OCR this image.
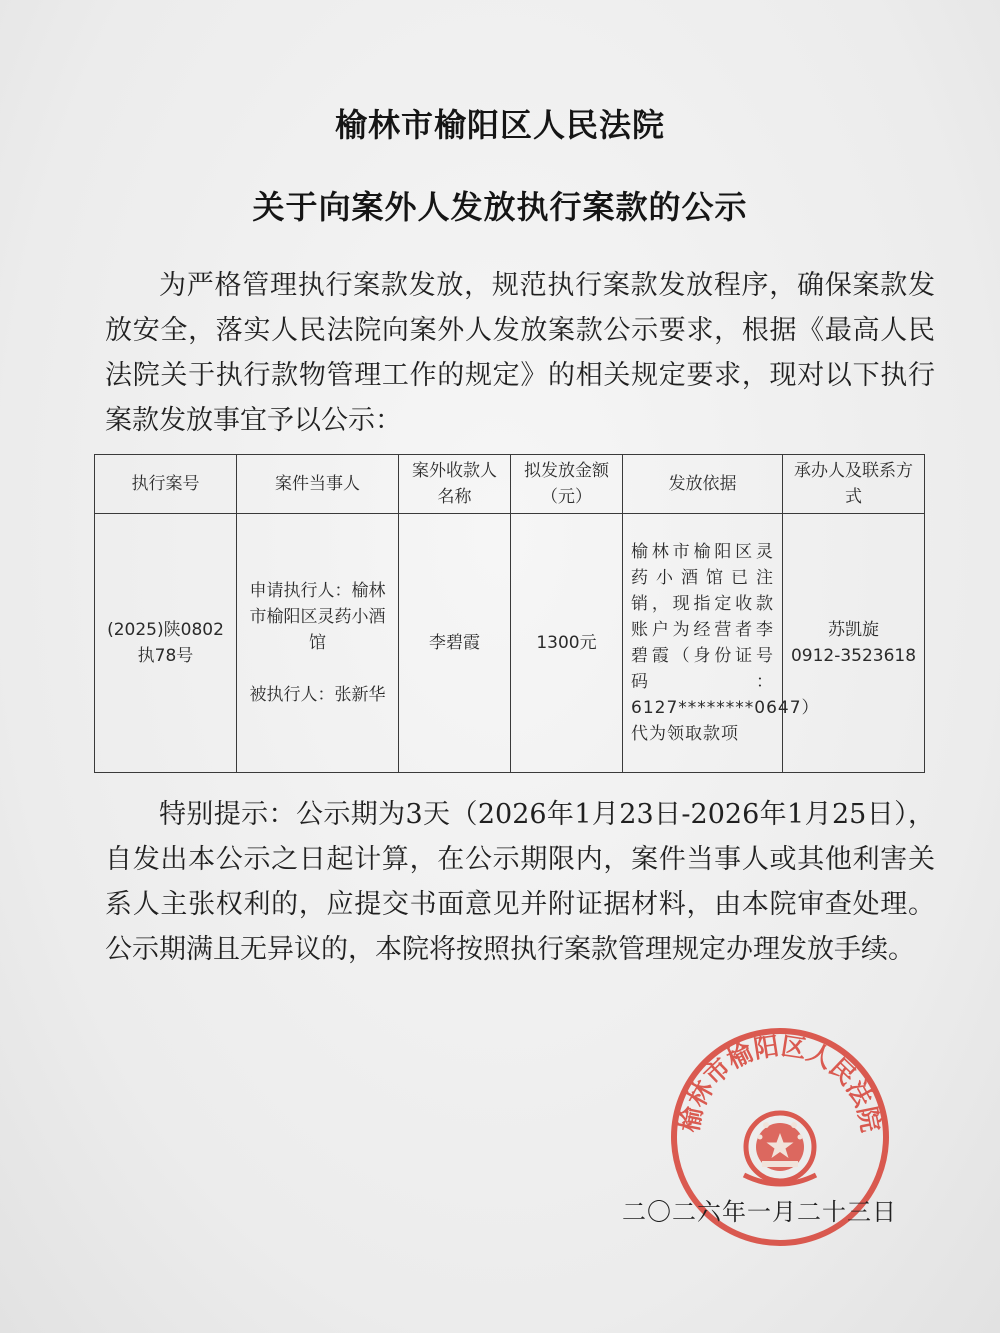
榆林市榆阳区人民法院
关于向案外人发放执行案款的公示

为严格管理执行案款发放，规范执行案款发放程序，确保案款发放安全，落实人民法院向案外人发放案款公示要求，根据《最高人民法院关于执行款物管理工作的规定》的相关规定要求，现对以下执行案款发放事宜予以公示：

执行案号	案件当事人	案外收款人名称	拟发放金额（元）	发放依据	承办人及联系方式
(2025)陕0802执78号	申请执行人：榆林市榆阳区灵药小酒馆
被执行人：张新华	李碧霞	1300元	榆林市榆阳区灵药小酒馆已注销，现指定收款账户为经营者李碧霞（身份证号码：6127********0647）代为领取款项	苏凯旋
0912-3523618

特别提示：公示期为3天（2026年1月23日-2026年1月25日），自发出本公示之日起计算，在公示期限内，案件当事人或其他利害关系人主张权利的，应提交书面意见并附证据材料，由本院审查处理。公示期满且无异议的，本院将按照执行案款管理规定办理发放手续。

榆林市榆阳区人民法院
二〇二六年一月二十三日
